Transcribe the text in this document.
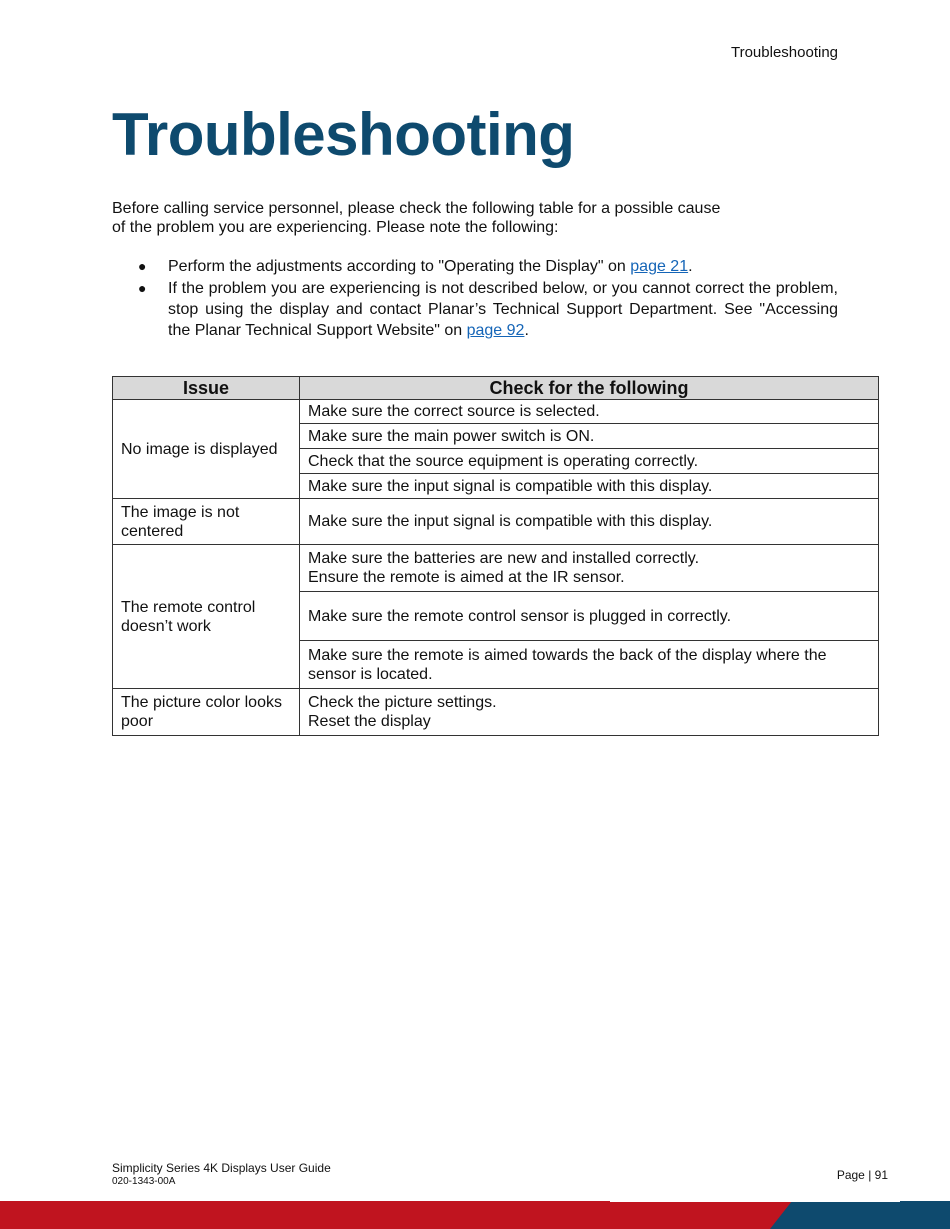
Troubleshooting
Troubleshooting
Before calling service personnel, please check the following table for a possible cause
of the problem you are experiencing. Please note the following:
● Perform the adjustments according to "Operating the Display" on page 21.
● If the problem you are experiencing is not described below, or you cannot correct the problem, stop using the display and contact Planar’s Technical Support Department. See "Accessing the Planar Technical Support Website" on page 92.
Issue	Check for the following
No image is displayed	Make sure the correct source is selected.
	Make sure the main power switch is ON.
	Check that the source equipment is operating correctly.
	Make sure the input signal is compatible with this display.
The image is not centered	Make sure the input signal is compatible with this display.
The remote control doesn’t work	Make sure the batteries are new and installed correctly.
Ensure the remote is aimed at the IR sensor.

	Make sure the remote control sensor is plugged in correctly.
	Make sure the remote is aimed towards the back of the display where the sensor is located.
The picture color looks poor	Check the picture settings.
Reset the display
Simplicity Series 4K Displays User Guide
020-1343-00A	Page | 91
